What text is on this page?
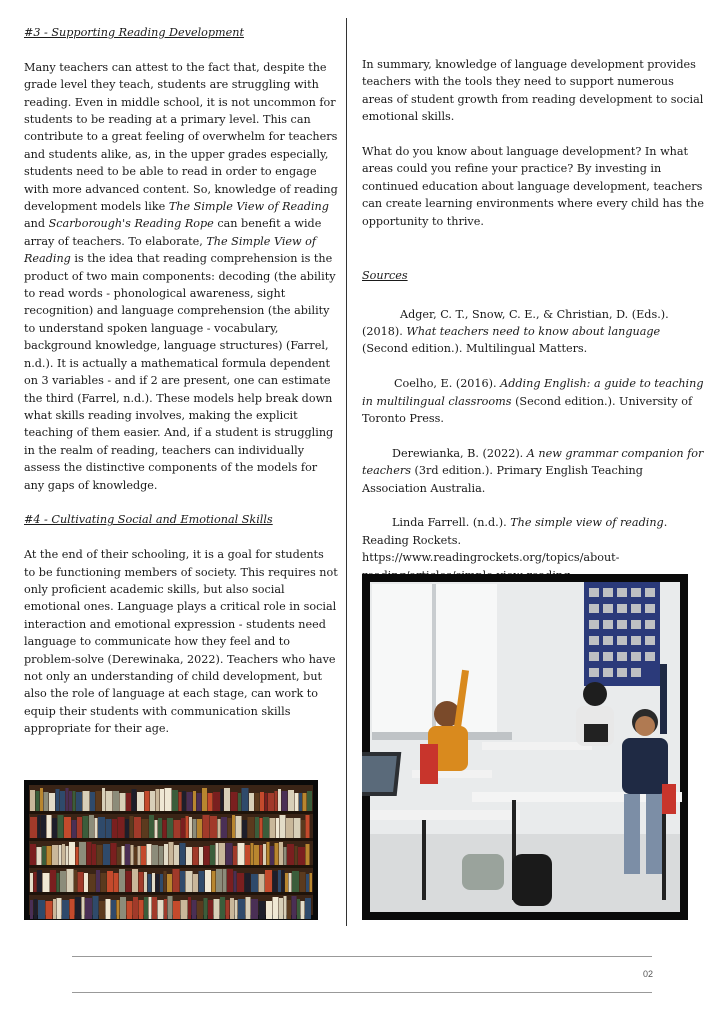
#3 - Supporting Reading Development

Many teachers can attest to the fact that, despite the grade level they teach, students are struggling with reading. Even in middle school, it is not uncommon for students to be reading at a primary level. This can contribute to a great feeling of overwhelm for teachers and students alike, as, in the upper grades especially, students need to be able to read in order to engage with more advanced content. So, knowledge of reading development models like The Simple View of Reading and Scarborough's Reading Rope can benefit a wide array of teachers. To elaborate, The Simple View of Reading is the idea that reading comprehension is the product of two main components: decoding (the ability to read words - phonological awareness, sight recognition) and language comprehension (the ability to understand spoken language - vocabulary, background knowledge, language structures) (Farrel, n.d.). It is actually a mathematical formula dependent on 3 variables - and if 2 are present, one can estimate the third (Farrel, n.d.). These models help break down what skills reading involves, making the explicit teaching of them easier. And, if a student is struggling in the realm of reading, teachers can individually assess the distinctive components of the models for any gaps of knowledge.

#4 - Cultivating Social and Emotional Skills

At the end of their schooling, it is a goal for students to be functioning members of society. This requires not only proficient academic skills, but also social emotional ones. Language plays a critical role in social interaction and emotional expression - students need language to communicate how they feel and to problem-solve (Derewinaka, 2022). Teachers who have not only an understanding of child development, but also the role of language at each stage, can work to equip their students with communication skills appropriate for their age.

In summary, knowledge of language development provides teachers with the tools they need to support numerous areas of student growth from reading development to social emotional skills.

What do you know about language development? In what areas could you refine your practice? By investing in continued education about language development, teachers can create learning environments where every child has the opportunity to thrive.

Sources

Adger, C. T., Snow, C. E., & Christian, D. (Eds.). (2018). What teachers need to know about language (Second edition.). Multilingual Matters.

Coelho, E. (2016). Adding English: a guide to teaching in multilingual classrooms (Second edition.). University of Toronto Press.

Derewianka, B. (2022). A new grammar companion for teachers (3rd edition.). Primary English Teaching Association Australia.

Linda Farrell. (n.d.). The simple view of reading. Reading Rockets. https://www.readingrockets.org/topics/about-

02
